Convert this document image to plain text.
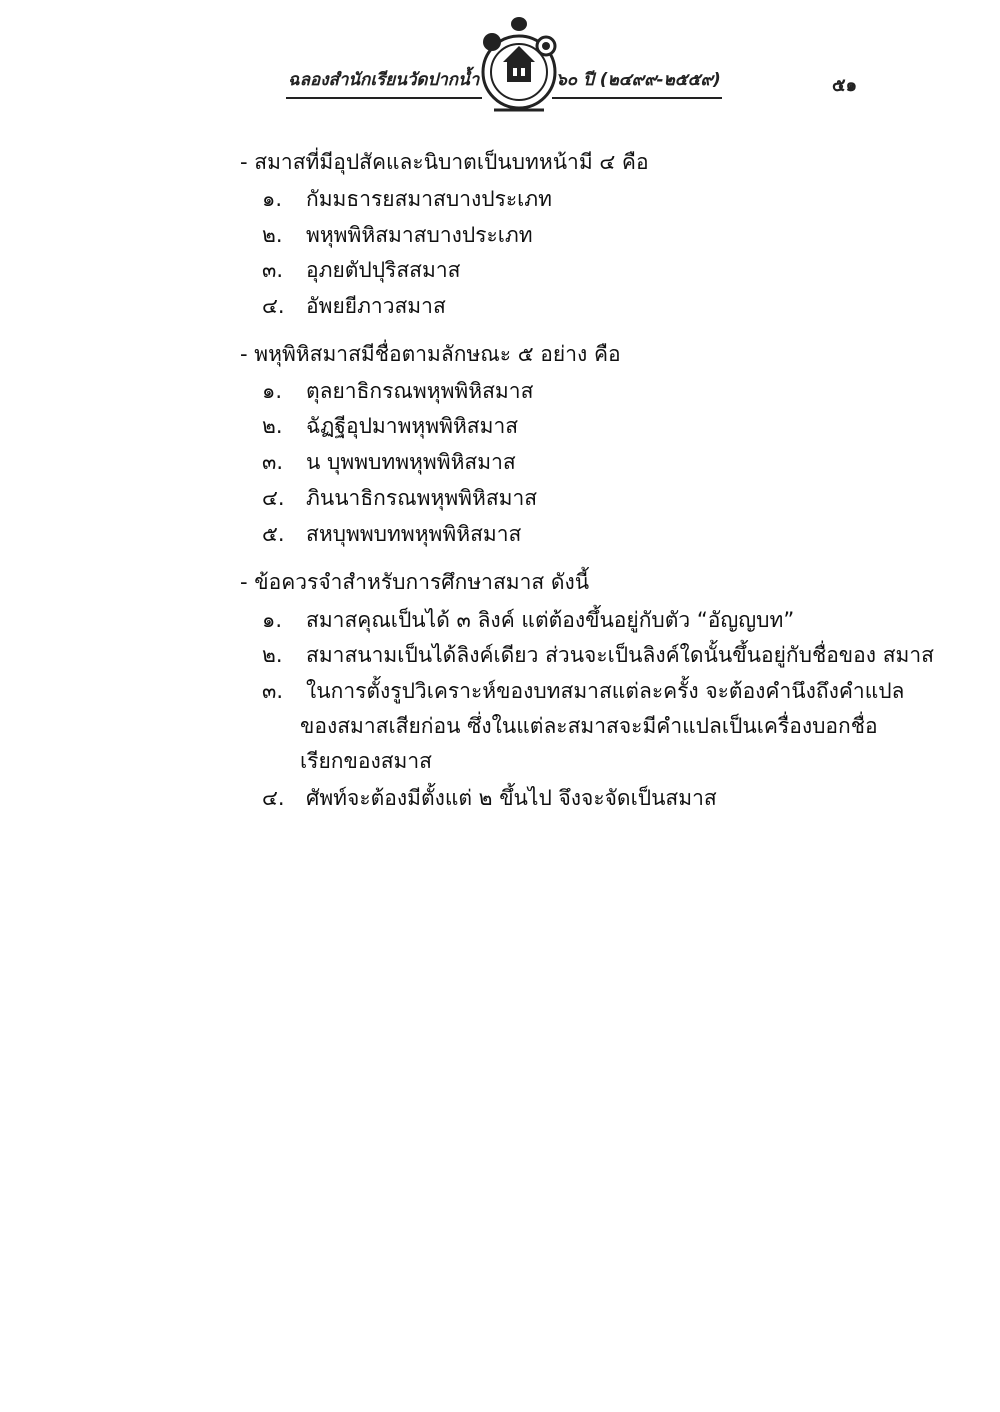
ฉลองสำนักเรียนวัดปากน้ำ	๖๐ ปี (๒๔๙๙-๒๕๕๙)	๕๑
- สมาสที่มีอุปสัคและนิบาตเป็นบทหน้ามี ๔ คือ
๑. กัมมธารยสมาสบางประเภท
๒. พหุพพิหิสมาสบางประเภท
๓. อุภยตัปปุริสสมาส
๔. อัพยยีภาวสมาส
- พหุพิหิสมาสมีชื่อตามลักษณะ ๕ อย่าง คือ
๑. ตุลยาธิกรณพหุพพิหิสมาส
๒. ฉัฏฐีอุปมาพหุพพิหิสมาส
๓. น บุพพบทพหุพพิหิสมาส
๔. ภินนาธิกรณพหุพพิหิสมาส
๕. สหบุพพบทพหุพพิหิสมาส
- ข้อควรจำสำหรับการศึกษาสมาส ดังนี้
๑. สมาสคุณเป็นได้ ๓ ลิงค์ แต่ต้องขึ้นอยู่กับตัว “อัญญบท”
๒. สมาสนามเป็นได้ลิงค์เดียว ส่วนจะเป็นลิงค์ใดนั้นขึ้นอยู่กับชื่อของ สมาส
๓. ในการตั้งรูปวิเคราะห์ของบทสมาสแต่ละครั้ง จะต้องคำนึงถึงคำแปล
ของสมาสเสียก่อน ซึ่งในแต่ละสมาสจะมีคำแปลเป็นเครื่องบอกชื่อ
เรียกของสมาส
๔. ศัพท์จะต้องมีตั้งแต่ ๒ ขึ้นไป จึงจะจัดเป็นสมาส
